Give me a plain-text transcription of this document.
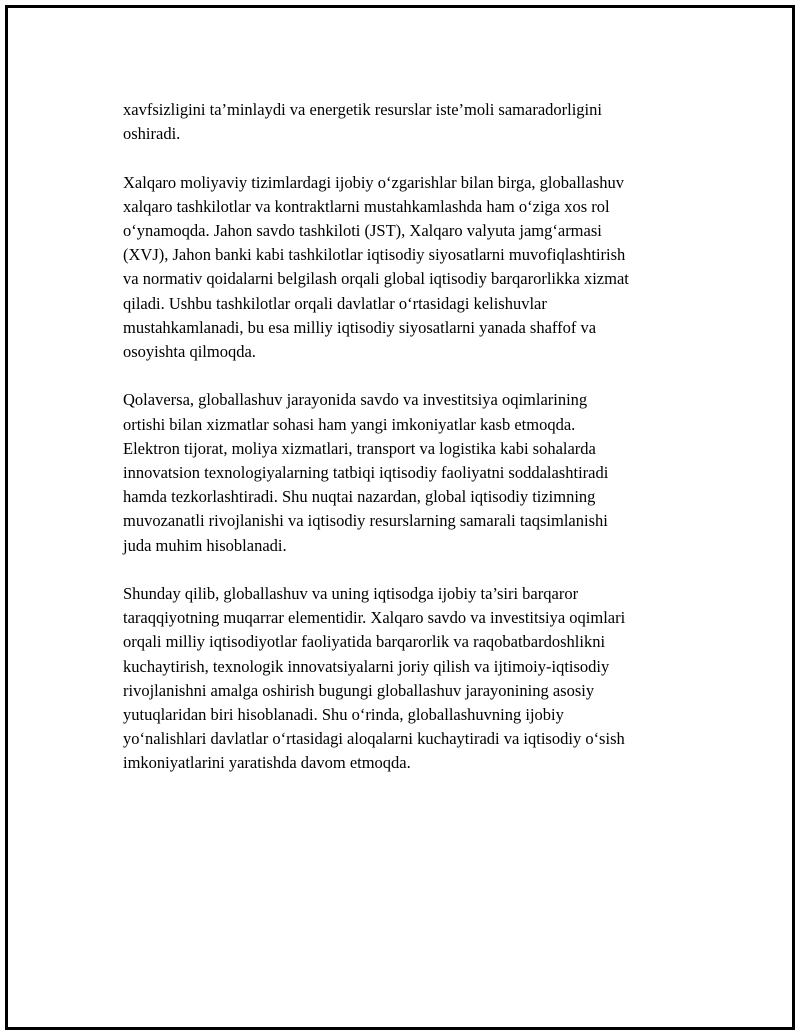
xavfsizligini ta’minlaydi va energetik resurslar iste’moli samaradorligini
oshiradi.

Xalqaro moliyaviy tizimlardagi ijobiy o‘zgarishlar bilan birga, globallashuv
xalqaro tashkilotlar va kontraktlarni mustahkamlashda ham o‘ziga xos rol
o‘ynamoqda. Jahon savdo tashkiloti (JST), Xalqaro valyuta jamg‘armasi
(XVJ), Jahon banki kabi tashkilotlar iqtisodiy siyosatlarni muvofiqlashtirish
va normativ qoidalarni belgilash orqali global iqtisodiy barqarorlikka xizmat
qiladi. Ushbu tashkilotlar orqali davlatlar o‘rtasidagi kelishuvlar
mustahkamlanadi, bu esa milliy iqtisodiy siyosatlarni yanada shaffof va
osoyishta qilmoqda.

Qolaversa, globallashuv jarayonida savdo va investitsiya oqimlarining
ortishi bilan xizmatlar sohasi ham yangi imkoniyatlar kasb etmoqda.
Elektron tijorat, moliya xizmatlari, transport va logistika kabi sohalarda
innovatsion texnologiyalarning tatbiqi iqtisodiy faoliyatni soddalashtiradi
hamda tezkorlashtiradi. Shu nuqtai nazardan, global iqtisodiy tizimning
muvozanatli rivojlanishi va iqtisodiy resurslarning samarali taqsimlanishi
juda muhim hisoblanadi.

Shunday qilib, globallashuv va uning iqtisodga ijobiy ta’siri barqaror
taraqqiyotning muqarrar elementidir. Xalqaro savdo va investitsiya oqimlari
orqali milliy iqtisodiyotlar faoliyatida barqarorlik va raqobatbardoshlikni
kuchaytirish, texnologik innovatsiyalarni joriy qilish va ijtimoiy-iqtisodiy
rivojlanishni amalga oshirish bugungi globallashuv jarayonining asosiy
yutuqlaridan biri hisoblanadi. Shu o‘rinda, globallashuvning ijobiy
yo‘nalishlari davlatlar o‘rtasidagi aloqalarni kuchaytiradi va iqtisodiy o‘sish
imkoniyatlarini yaratishda davom etmoqda.
